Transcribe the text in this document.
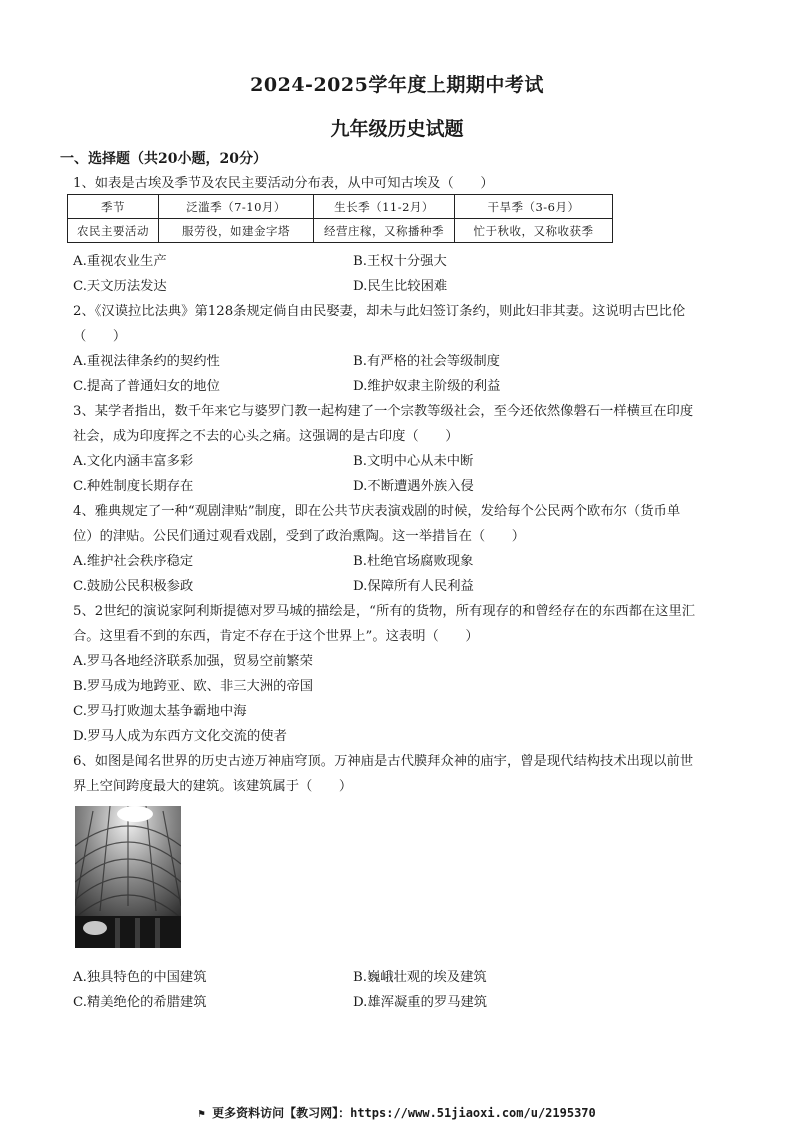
2024-2025学年度上期期中考试
九年级历史试题
一、选择题（共20小题，20分）
1、如表是古埃及季节及农民主要活动分布表，从中可知古埃及（　　）
季节	泛滥季（7-10月）	生长季（11-2月）	干旱季（3-6月）
农民主要活动	服劳役，如建金字塔	经营庄稼，又称播种季	忙于秋收，又称收获季
A.重视农业生产	B.王权十分强大
C.天文历法发达	D.民生比较困难
2、《汉谟拉比法典》第128条规定倘自由民娶妻，却未与此妇签订条约，则此妇非其妻。这说明古巴比伦
（　　）
A.重视法律条约的契约性	B.有严格的社会等级制度
C.提高了普通妇女的地位	D.维护奴隶主阶级的利益
3、某学者指出，数千年来它与婆罗门教一起构建了一个宗教等级社会，至今还依然像磐石一样横亘在印度
社会，成为印度挥之不去的心头之痛。这强调的是古印度（　　）
A.文化内涵丰富多彩	B.文明中心从未中断
C.种姓制度长期存在	D.不断遭遇外族入侵
4、雅典规定了一种“观剧津贴”制度，即在公共节庆表演戏剧的时候，发给每个公民两个欧布尔（货币单
位）的津贴。公民们通过观看戏剧，受到了政治熏陶。这一举措旨在（　　）
A.维护社会秩序稳定	B.杜绝官场腐败现象
C.鼓励公民积极参政	D.保障所有人民利益
5、2世纪的演说家阿利斯提德对罗马城的描绘是，“所有的货物，所有现存的和曾经存在的东西都在这里汇
合。这里看不到的东西，肯定不存在于这个世界上”。这表明（　　）
A.罗马各地经济联系加强，贸易空前繁荣
B.罗马成为地跨亚、欧、非三大洲的帝国
C.罗马打败迦太基争霸地中海
D.罗马人成为东西方文化交流的使者
6、如图是闻名世界的历史古迹万神庙穹顶。万神庙是古代膜拜众神的庙宇，曾是现代结构技术出现以前世
界上空间跨度最大的建筑。该建筑属于（　　）
A.独具特色的中国建筑	B.巍峨壮观的埃及建筑
C.精美绝伦的希腊建筑	D.雄浑凝重的罗马建筑
⚑ 更多资料访问【教习网】：https://www.51jiaoxi.com/u/2195370
